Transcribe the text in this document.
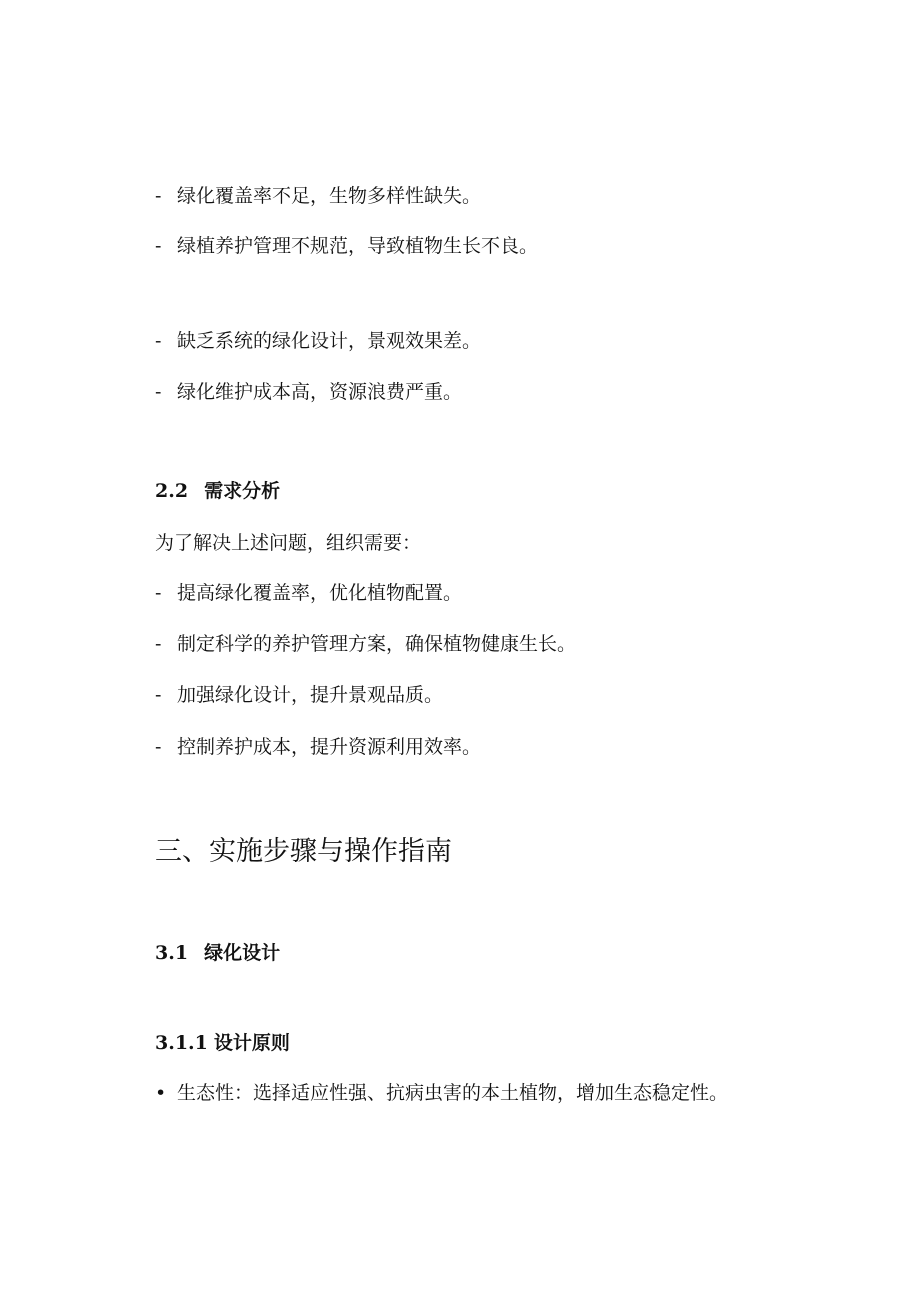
- 绿化覆盖率不足，生物多样性缺失。
- 绿植养护管理不规范，导致植物生长不良。
- 缺乏系统的绿化设计，景观效果差。
- 绿化维护成本高，资源浪费严重。
2.2 需求分析
为了解决上述问题，组织需要：
- 提高绿化覆盖率，优化植物配置。
- 制定科学的养护管理方案，确保植物健康生长。
- 加强绿化设计，提升景观品质。
- 控制养护成本，提升资源利用效率。
三、实施步骤与操作指南
3.1 绿化设计
3.1.1 设计原则
• 生态性：选择适应性强、抗病虫害的本土植物，增加生态稳定性。
